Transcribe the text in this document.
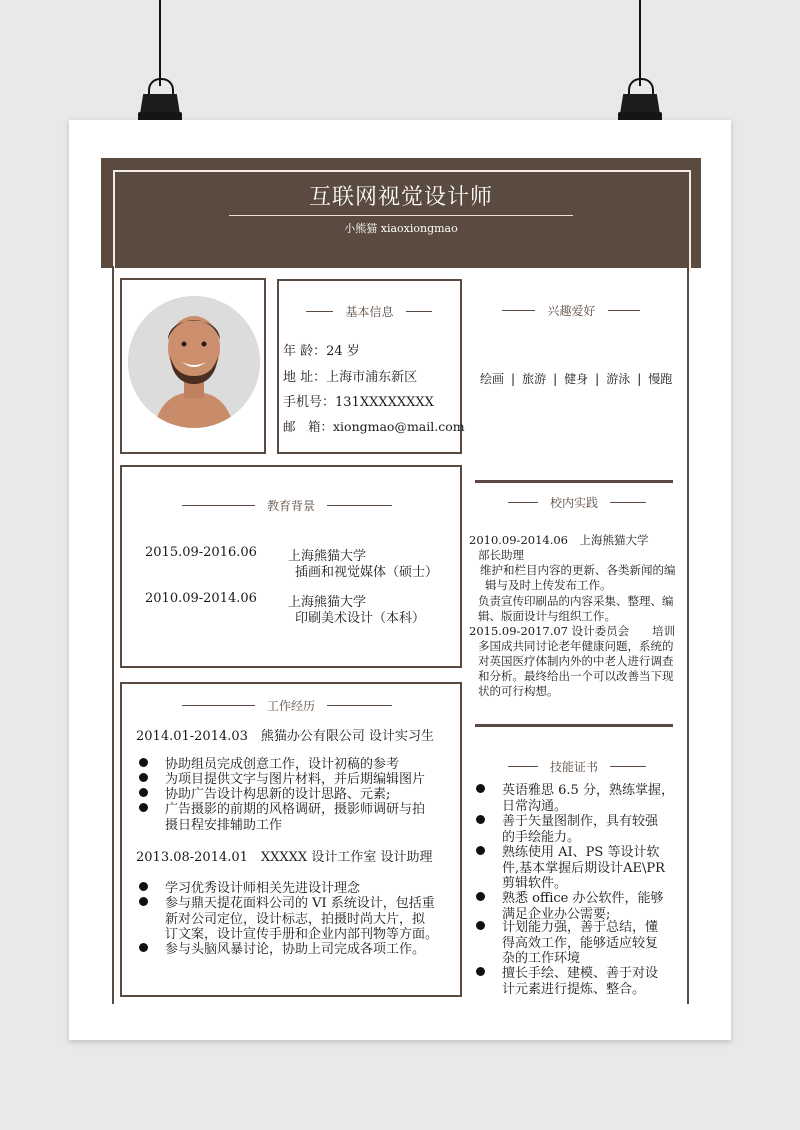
互联网视觉设计师
小熊猫 xiaoxiongmao
基本信息
年 龄：24 岁
地 址：上海市浦东新区
手机号：131XXXXXXXX
邮　箱：xiongmao@mail.com
兴趣爱好
绘画 | 旅游 | 健身 | 游泳 | 慢跑
教育背景
2015.09-2016.06 上海熊猫大学
插画和视觉媒体（硕士）
2010.09-2014.06 上海熊猫大学
印刷美术设计（本科）
校内实践
2010.09-2014.06　上海熊猫大学
部长助理
维护和栏目内容的更新、各类新闻的编
辑与及时上传发布工作。
负责宣传印刷品的内容采集、整理、编
辑、版面设计与组织工作。
2015.09-2017.07 设计委员会　　培训
多国成共同讨论老年健康问题，系统的
对英国医疗体制内外的中老人进行调查
和分析。最终给出一个可以改善当下现
状的可行构想。
工作经历
2014.01-2014.03　熊猫办公有限公司 设计实习生
协助组员完成创意工作，设计初稿的参考
为项目提供文字与图片材料，并后期编辑图片
协助广告设计构思新的设计思路、元素;
广告摄影的前期的风格调研，摄影师调研与拍
摄日程安排辅助工作
2013.08-2014.01　XXXXX 设计工作室 设计助理
学习优秀设计师相关先进设计理念
参与鼎天提花面料公司的 VI 系统设计，包括重
新对公司定位，设计标志，拍摄时尚大片，拟
订文案，设计宣传手册和企业内部刊物等方面。
参与头脑风暴讨论，协助上司完成各项工作。
技能证书
英语雅思 6.5 分，熟练掌握，
日常沟通。
善于矢量图制作，具有较强
的手绘能力。
熟练使用 AI、PS 等设计软
件,基本掌握后期设计AE\PR
剪辑软件。
熟悉 office 办公软件，能够
满足企业办公需要;
计划能力强，善于总结，懂
得高效工作，能够适应较复
杂的工作环境
擅长手绘、建模、善于对设
计元素进行提炼、整合。
